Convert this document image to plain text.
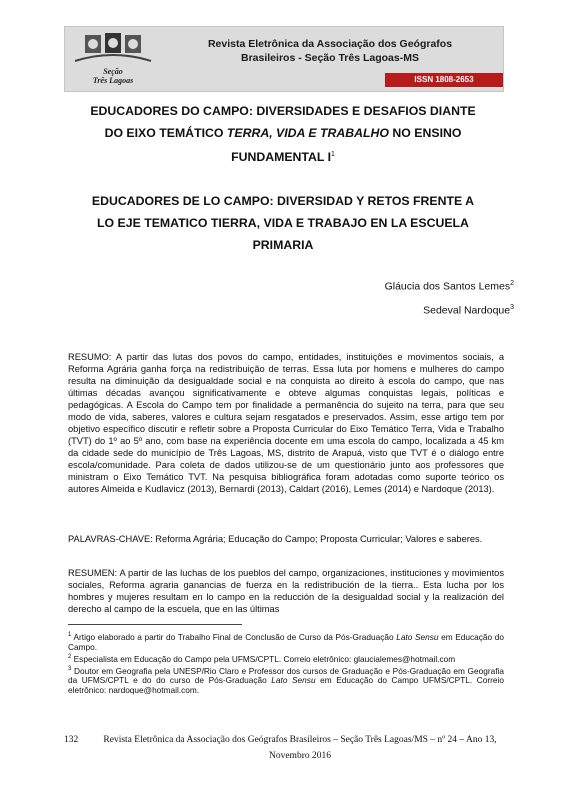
Seção
Três Lagoas
Revista Eletrônica da Associação dos Geógrafos
Brasileiros - Seção Três Lagoas-MS
ISSN 1808-2653
EDUCADORES DO CAMPO: DIVERSIDADES E DESAFIOS DIANTE
DO EIXO TEMÁTICO TERRA, VIDA E TRABALHO NO ENSINO
FUNDAMENTAL $I^1$
EDUCADORES DE LO CAMPO: DIVERSIDAD Y RETOS FRENTE A
LO EJE TEMATICO TIERRA, VIDA E TRABAJO EN LA ESCUELA
PRIMARIA
Gláucia dos Santos Lemes$^2$
Sedeval Nardoque$^3$
RESUMO: A partir das lutas dos povos do campo, entidades, instituições e movimentos sociais, a Reforma Agrária ganha força na redistribuição de terras. Essa luta por homens e mulheres do campo resulta na diminuição da desigualdade social e na conquista ao direito à escola do campo, que nas últimas décadas avançou significativamente e obteve algumas conquistas legais, políticas e pedagógicas. A Escola do Campo tem por finalidade a permanência do sujeito na terra, para que seu modo de vida, saberes, valores e cultura sejam resgatados e preservados. Assim, esse artigo tem por objetivo específico discutir e refletir sobre a Proposta Curricular do Eixo Temático Terra, Vida e Trabalho (TVT) do 1º ao 5º ano, com base na experiência docente em uma escola do campo, localizada a 45 km da cidade sede do município de Três Lagoas, MS, distrito de Arapuá, visto que TVT é o diálogo entre escola/comunidade. Para coleta de dados utilizou-se de um questionário junto aos professores que ministram o Eixo Temático TVT. Na pesquisa bibliográfica foram adotadas como suporte teórico os autores Almeida e Kudlavicz (2013), Bernardi (2013), Caldart (2016), Lemes (2014) e Nardoque (2013).
PALAVRAS-CHAVE: Reforma Agrária; Educação do Campo; Proposta Curricular; Valores e saberes.
RESUMEN: A partir de las luchas de los pueblos del campo, organizaciones, instituciones y movimientos sociales, Reforma agraria ganancias de fuerza en la redistribución de la tierra.. Esta lucha por los hombres y mujeres resultam en lo campo en la reducción de la desigualdad social y la realización del derecho al campo de la escuela, que en las últimas

$^1$ Artigo elaborado a partir do Trabalho Final de Conclusão de Curso da Pós-Graduação Lato Sensu em Educação do Campo.

$^2$ Especialista em Educação do Campo pela UFMS/CPTL. Correio eletrônico: glaucialemes@hotmail.com

$^3$ Doutor em Geografia pela UNESP/Rio Claro e Professor dos cursos de Graduação e Pós-Graduação em Geografia da UFMS/CPTL e do do curso de Pós-Graduação Lato Sensu em Educação do Campo UFMS/CPTL. Correio eletrônico: nardoque@hotmail.com.

132	Revista Eletrônica da Associação dos Geógrafos Brasileiros – Seção Três Lagoas/MS – nº 24 – Ano 13,
Novembro 2016
